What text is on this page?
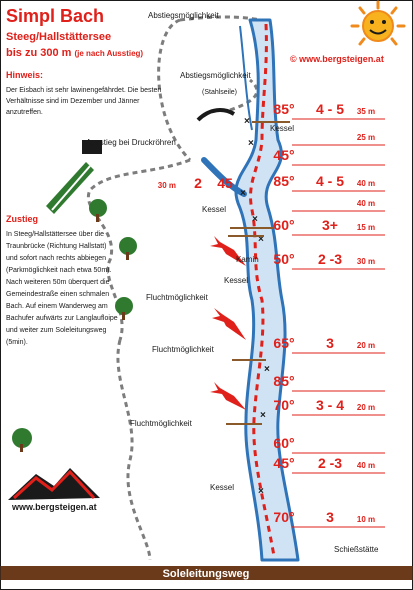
×
×
×
×
×
×
×
×
Soleleitungsweg
Simpl Bach
Steeg/Hallstättersee
bis zu 300 m (je nach Ausstieg)
© www.bergsteigen.at
Hinweis:
Der Eisbach ist sehr lawinengefährdet. Die besten
Verhältnisse sind im Dezember und Jänner
anzutreffen.
Zustieg
In Steeg/Hallstättersee über die
Traunbrücke (Richtung Hallstatt)
und sofort nach rechts abbiegen
(Parkmöglichkeit nach etwa 50m).
Nach weiteren 50m überquert die
Gemeindestraße einen schmalen
Bach. Auf einem Wanderweg am
Bachufer aufwärts zur Langlaufloipe
und weiter zum Soleleitungsweg
(5min).
Abstiegsmöglichkeit
Abstiegsmöglichkeit
(Stahlseile)
Ausstieg bei Druckröhren
Kessel
Kessel
Kamin
Kessel
Kessel
Fluchtmöglichkeit
Fluchtmöglichkeit
Fluchtmöglichkeit
Schießstätte
30 m 2 45
85° 4 - 5 35 m
25 m
45°
85° 4 - 5 40 m
40 m
60° 3+ 15 m
50° 2 -3 30 m
65° 3	20 m
85°
70° 3 - 4 20 m
60°
45° 2 -3 40 m
70° 3	10 m
www.bergsteigen.at
